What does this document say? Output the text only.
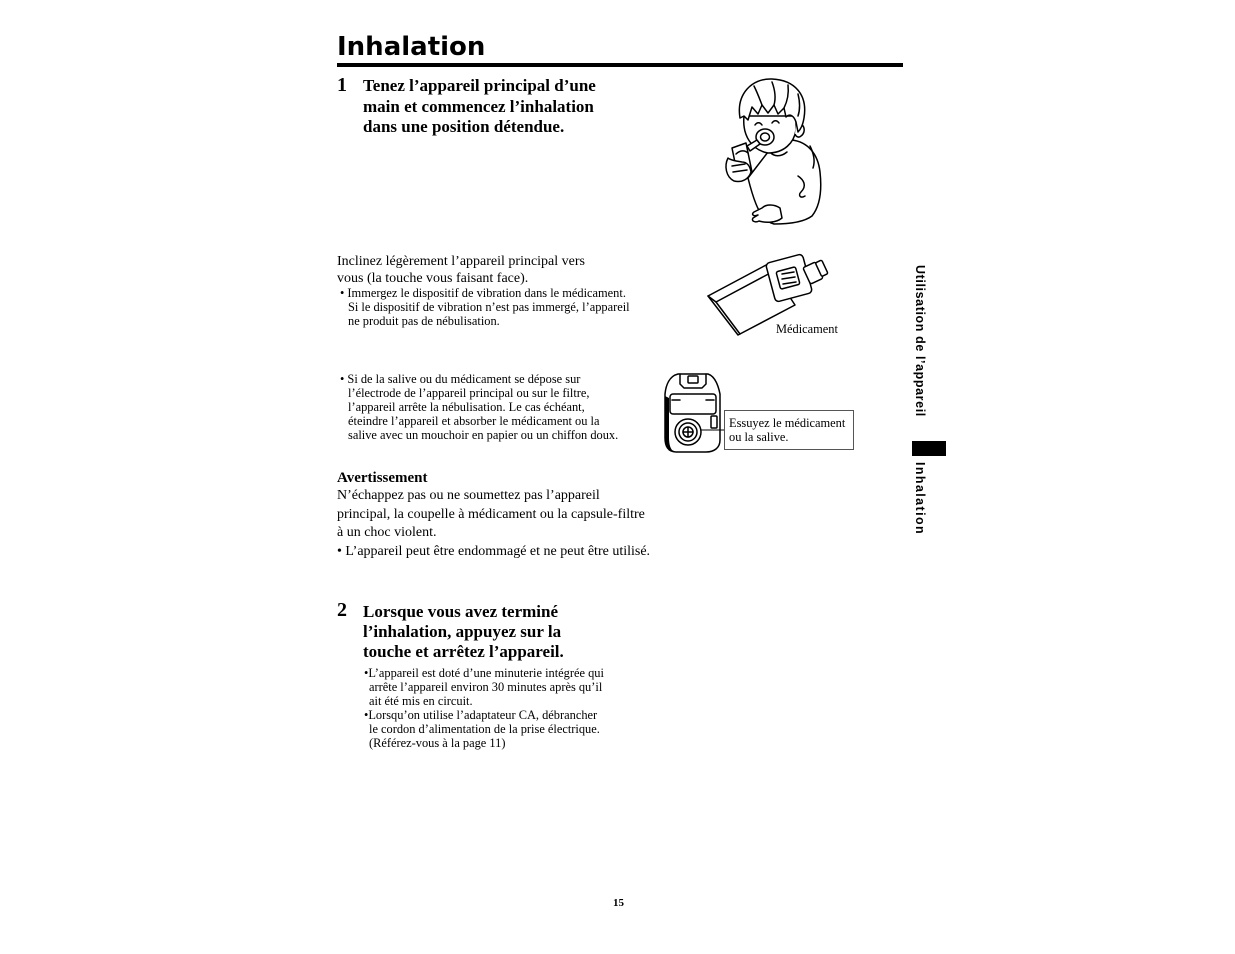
Inhalation
1 Tenez l’appareil principal d’une
main et commencez l’inhalation
dans une position détendue.
Inclinez légèrement l’appareil principal vers
vous (la touche vous faisant face).
• Immergez le dispositif de vibration dans le médicament.
Si le dispositif de vibration n’est pas immergé, l’appareil
ne produit pas de nébulisation.
Médicament
• Si de la salive ou du médicament se dépose sur
l’électrode de l’appareil principal ou sur le filtre,
l’appareil arrête la nébulisation. Le cas échéant,
éteindre l’appareil et absorber le médicament ou la
salive avec un mouchoir en papier ou un chiffon doux.
Essuyez le médicament
ou la salive.
Avertissement
N’échappez pas ou ne soumettez pas l’appareil
principal, la coupelle à médicament ou la capsule-filtre
à un choc violent.
• L’appareil peut être endommagé et ne peut être utilisé.
2 Lorsque vous avez terminé
l’inhalation, appuyez sur la
touche et arrêtez l’appareil.
•L’appareil est doté d’une minuterie intégrée qui
arrête l’appareil environ 30 minutes après qu’il
ait été mis en circuit.
•Lorsqu’on utilise l’adaptateur CA, débrancher
le cordon d’alimentation de la prise électrique.
(Référez-vous à la page 11)
Utilisation de l’appareil
Inhalation
15
